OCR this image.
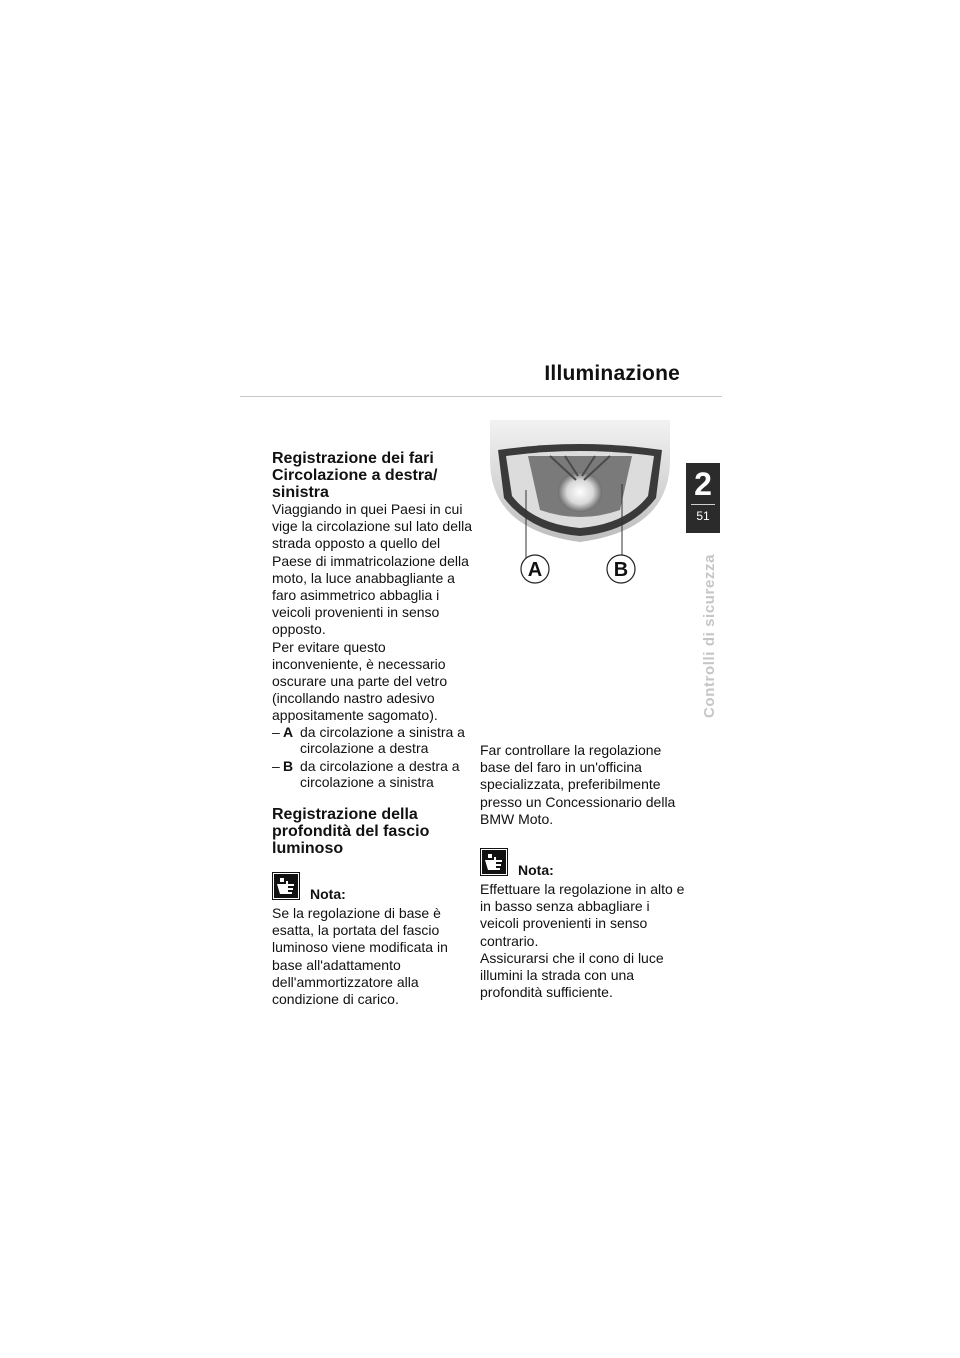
Illuminazione
2
51
Controlli di sicurezza
Registrazione dei fari Circolazione a destra/ sinistra

Viaggiando in quei Paesi in cui vige la circolazione sul lato della strada opposto a quello del Paese di immatricolazione della moto, la luce anabbagliante a faro asimmetrico abbaglia i veicoli provenienti in senso opposto.

Per evitare questo inconveniente, è necessario oscurare una parte del vetro (incollando nastro adesivo appositamente sagomato).

– A da circolazione a sinistra a circolazione a destra
– B da circolazione a destra a circolazione a sinistra
Registrazione della profondità del fascio luminoso
Nota:

Se la regolazione di base è esatta, la portata del fascio luminoso viene modificata in base all'adattamento dell'ammortizzatore alla condizione di carico.

A	B

Far controllare la regolazione base del faro in un'officina specializzata, preferibilmente presso un Concessionario della BMW Moto.

Nota:

Effettuare la regolazione in alto e in basso senza abbagliare i veicoli provenienti in senso contrario.

Assicurarsi che il cono di luce illumini la strada con una profondità sufficiente.
